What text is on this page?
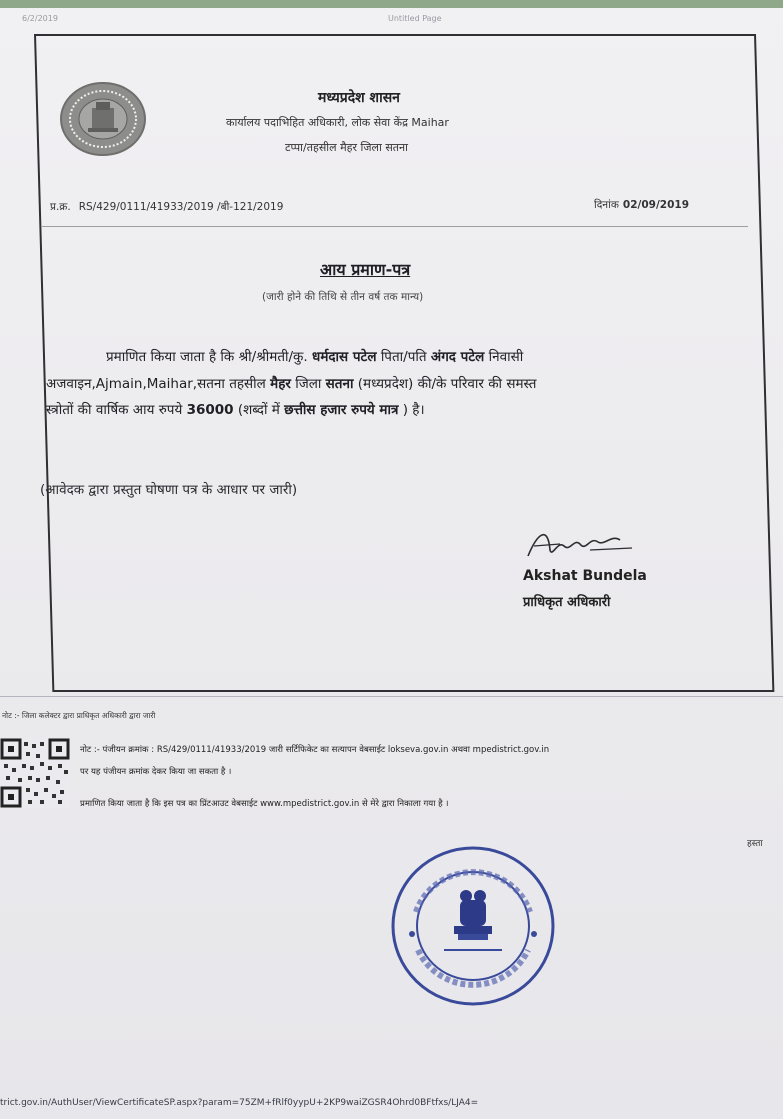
6/2/2019	Untitled Page
मध्यप्रदेश शासन
कार्यालय पदाभिहित अधिकारी, लोक सेवा केंद्र Maihar
टप्पा/तहसील मैहर जिला सतना
प्र.क्र. RS/429/0111/41933/2019 /बी-121/2019	दिनांक 02/09/2019
आय प्रमाण-पत्र
(जारी होने की तिथि से तीन वर्ष तक मान्य)
प्रमाणित किया जाता है कि श्री/श्रीमती/कु. धर्मदास पटेल पिता/पति अंगद पटेल निवासी
अजवाइन,Ajmain,Maihar,सतना तहसील मैहर जिला सतना (मध्यप्रदेश) की/के परिवार की समस्त
स्त्रोतों की वार्षिक आय रुपये 36000 (शब्दों में छत्तीस हजार रुपये मात्र ) है।
(आवेदक द्वारा प्रस्तुत घोषणा पत्र के आधार पर जारी)
Akshat Bundela
प्राधिकृत अधिकारी
नोट :- जिला कलेक्टर द्वारा प्राधिकृत अधिकारी द्वारा जारी
नोट :- पंजीयन क्रमांक : RS/429/0111/41933/2019 जारी सर्टिफिकेट का सत्यापन वेबसाईट lokseva.gov.in अथवा mpedistrict.gov.in
पर यह पंजीयन क्रमांक देकर किया जा सकता है ।
प्रमाणित किया जाता है कि इस पत्र का प्रिंटआउट वेबसाईट www.mpedistrict.gov.in से मेरे द्वारा निकाला गया है ।
हस्ता
trict.gov.in/AuthUser/ViewCertificateSP.aspx?param=75ZM+fRlf0yypU+2KP9waiZGSR4Ohrd0BFtfxs/LJA4=
